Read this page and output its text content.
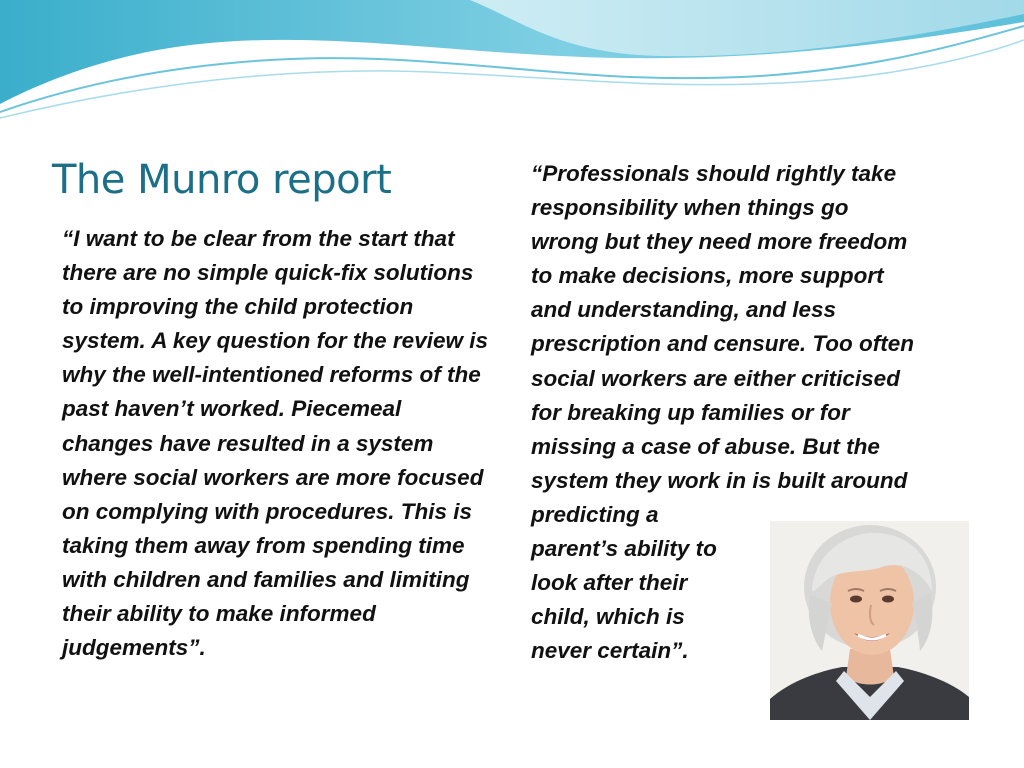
The Munro report

“I want to be clear from the start that there are no simple quick-fix solutions to improving the child protection system. A key question for the review is why the well-intentioned reforms of the past haven’t worked. Piecemeal changes have resulted in a system where social workers are more focused on complying with procedures. This is taking them away from spending time with children and families and limiting their ability to make informed judgements”.

“Professionals should rightly take
responsibility when things go
wrong but they need more freedom
to make decisions, more support
and understanding, and less
prescription and censure. Too often
social workers are either criticised
for breaking up families or for
missing a case of abuse. But the
system they work in is built around
predicting a
parent’s ability to
look after their
child, which is
never certain”.
